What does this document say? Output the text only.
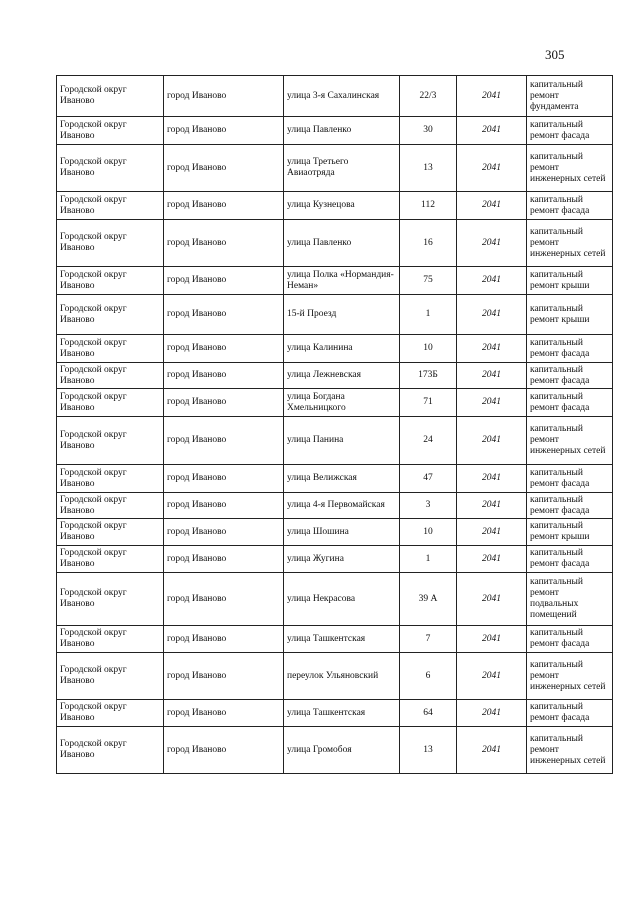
305
Городской округ Иваново	город Иваново	улица 3-я Сахалинская	22/3	2041	капитальный ремонт фундамента
Городской округ Иваново	город Иваново	улица Павленко	30	2041	капитальный ремонт фасада
Городской округ Иваново	город Иваново	улица Третьего Авиаотряда	13	2041	капитальный ремонт инженерных сетей
Городской округ Иваново	город Иваново	улица Кузнецова	112	2041	капитальный ремонт фасада
Городской округ Иваново	город Иваново	улица Павленко	16	2041	капитальный ремонт инженерных сетей
Городской округ Иваново	город Иваново	улица Полка «Нормандия-Неман»	75	2041	капитальный ремонт крыши
Городской округ Иваново	город Иваново	15-й Проезд	1	2041	капитальный ремонт крыши
Городской округ Иваново	город Иваново	улица Калинина	10	2041	капитальный ремонт фасада
Городской округ Иваново	город Иваново	улица Лежневская	173Б	2041	капитальный ремонт фасада
Городской округ Иваново	город Иваново	улица Богдана Хмельницкого	71	2041	капитальный ремонт фасада
Городской округ Иваново	город Иваново	улица Панина	24	2041	капитальный ремонт инженерных сетей
Городской округ Иваново	город Иваново	улица Велижская	47	2041	капитальный ремонт фасада
Городской округ Иваново	город Иваново	улица 4-я Первомайская	3	2041	капитальный ремонт фасада
Городской округ Иваново	город Иваново	улица Шошина	10	2041	капитальный ремонт крыши
Городской округ Иваново	город Иваново	улица Жугина	1	2041	капитальный ремонт фасада
Городской округ Иваново	город Иваново	улица Некрасова	39 А	2041	капитальный ремонт подвальных помещений
Городской округ Иваново	город Иваново	улица Ташкентская	7	2041	капитальный ремонт фасада
Городской округ Иваново	город Иваново	переулок Ульяновский	6	2041	капитальный ремонт инженерных сетей
Городской округ Иваново	город Иваново	улица Ташкентская	64	2041	капитальный ремонт фасада
Городской округ Иваново	город Иваново	улица Громобоя	13	2041	капитальный ремонт инженерных сетей
